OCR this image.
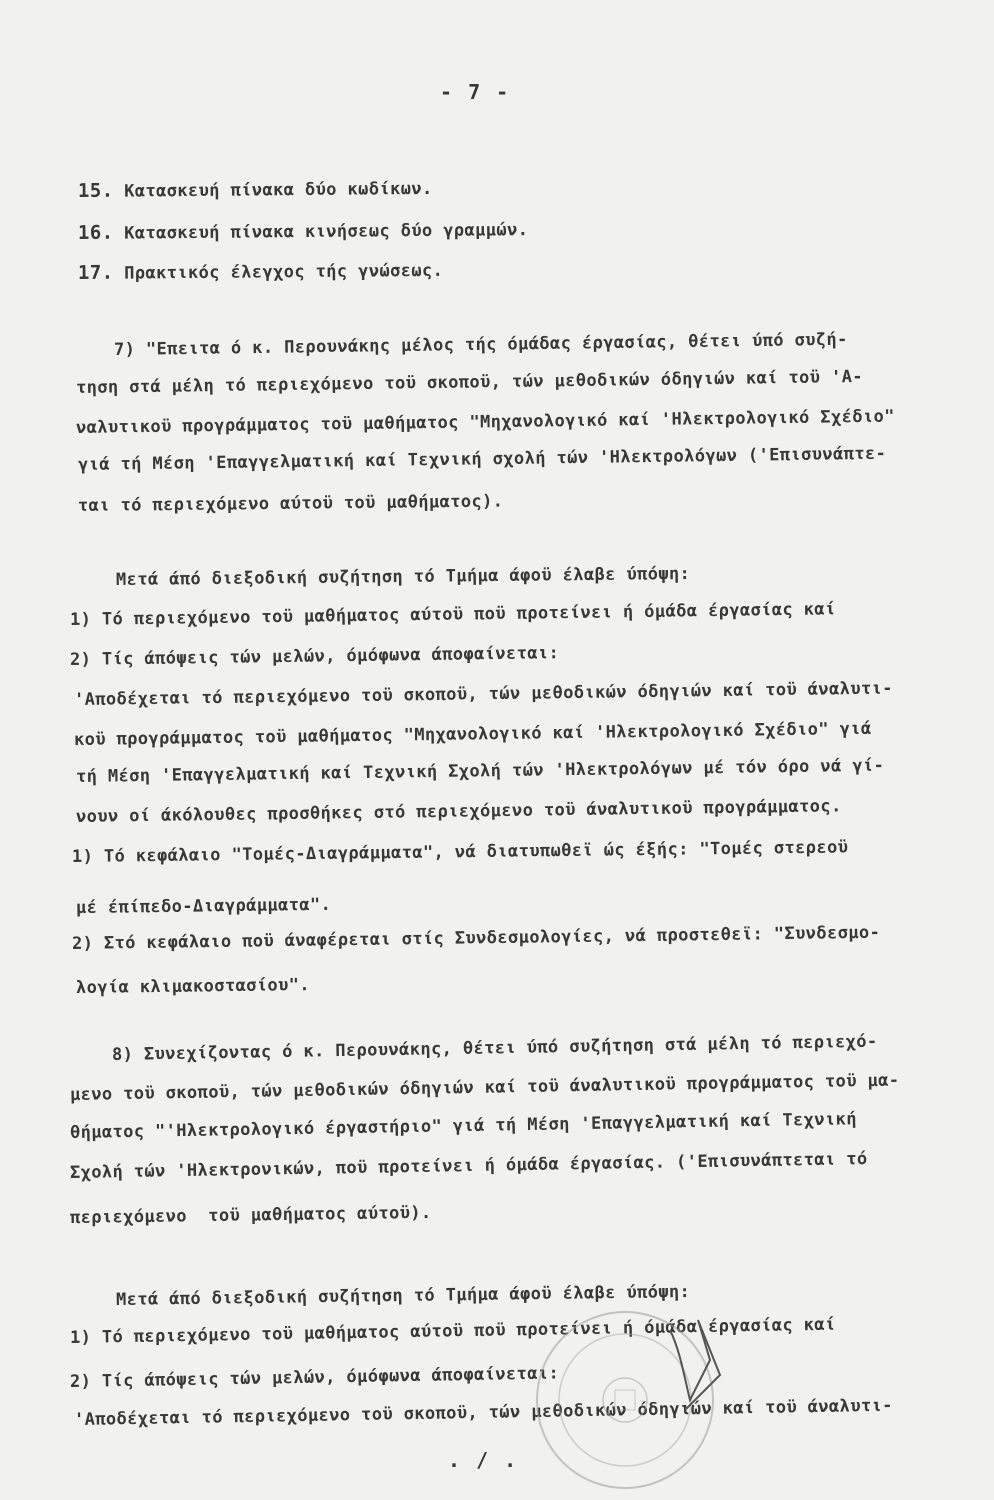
- 7 -

15. Κατασκευή πίνακα δύο κωδίκων.

16. Κατασκευή πίνακα κινήσεως δύο γραμμών.

17. Πρακτικός έλεγχος τής γνώσεως.

7) "Επειτα ό κ. Περουνάκης μέλος τής όμάδας έργασίας, θέτει ύπό συζή-

τηση στά μέλη τό περιεχόμενο τοϋ σκοποϋ, τών μεθοδικών όδηγιών καί τοϋ 'Α-

ναλυτικοϋ προγράμματος τοϋ μαθήματος "Μηχανολογικό καί 'Ηλεκτρολογικό Σχέδιο"

γιά τή Μέση 'Επαγγελματική καί Τεχνική σχολή τών 'Ηλεκτρολόγων ('Επισυνάπτε-

ται τό περιεχόμενο αύτοϋ τοϋ μαθήματος).

Μετά άπό διεξοδική συζήτηση τό Τμήμα άφοϋ έλαβε ύπόψη:

1) Τό περιεχόμενο τοϋ μαθήματος αύτοϋ ποϋ προτείνει ή όμάδα έργασίας καί

2) Τίς άπόψεις τών μελών, όμόφωνα άποφαίνεται:

'Αποδέχεται τό περιεχόμενο τοϋ σκοποϋ, τών μεθοδικών όδηγιών καί τοϋ άναλυτι-

κοϋ προγράμματος τοϋ μαθήματος "Μηχανολογικό καί 'Ηλεκτρολογικό Σχέδιο" γιά

τή Μέση 'Επαγγελματική καί Τεχνική Σχολή τών 'Ηλεκτρολόγων μέ τόν όρο νά γί-

νουν οί άκόλουθες προσθήκες στό περιεχόμενο τοϋ άναλυτικοϋ προγράμματος.

1) Τό κεφάλαιο "Τομές-Διαγράμματα", νά διατυπωθεϊ ώς έξής: "Τομές στερεοϋ

μέ έπίπεδο-Διαγράμματα".

2) Στό κεφάλαιο ποϋ άναφέρεται στίς Συνδεσμολογίες, νά προστεθεϊ: "Συνδεσμο-

λογία κλιμακοστασίου".

8) Συνεχίζοντας ό κ. Περουνάκης, θέτει ύπό συζήτηση στά μέλη τό περιεχό-

μενο τοϋ σκοποϋ, τών μεθοδικών όδηγιών καί τοϋ άναλυτικοϋ προγράμματος τοϋ μα-

θήματος "'Ηλεκτρολογικό έργαστήριο" γιά τή Μέση 'Επαγγελματική καί Τεχνική

Σχολή τών 'Ηλεκτρονικών, ποϋ προτείνει ή όμάδα έργασίας. ('Επισυνάπτεται τό

περιεχόμενο  τοϋ μαθήματος αύτοϋ).

Μετά άπό διεξοδική συζήτηση τό Τμήμα άφοϋ έλαβε ύπόψη:

1) Τό περιεχόμενο τοϋ μαθήματος αύτοϋ ποϋ προτείνει ή όμάδα έργασίας καί

2) Τίς άπόψεις τών μελών, όμόφωνα άποφαίνεται:

'Αποδέχεται τό περιεχόμενο τοϋ σκοποϋ, τών μεθοδικών όδηγιών καί τοϋ άναλυτι-

. / .
